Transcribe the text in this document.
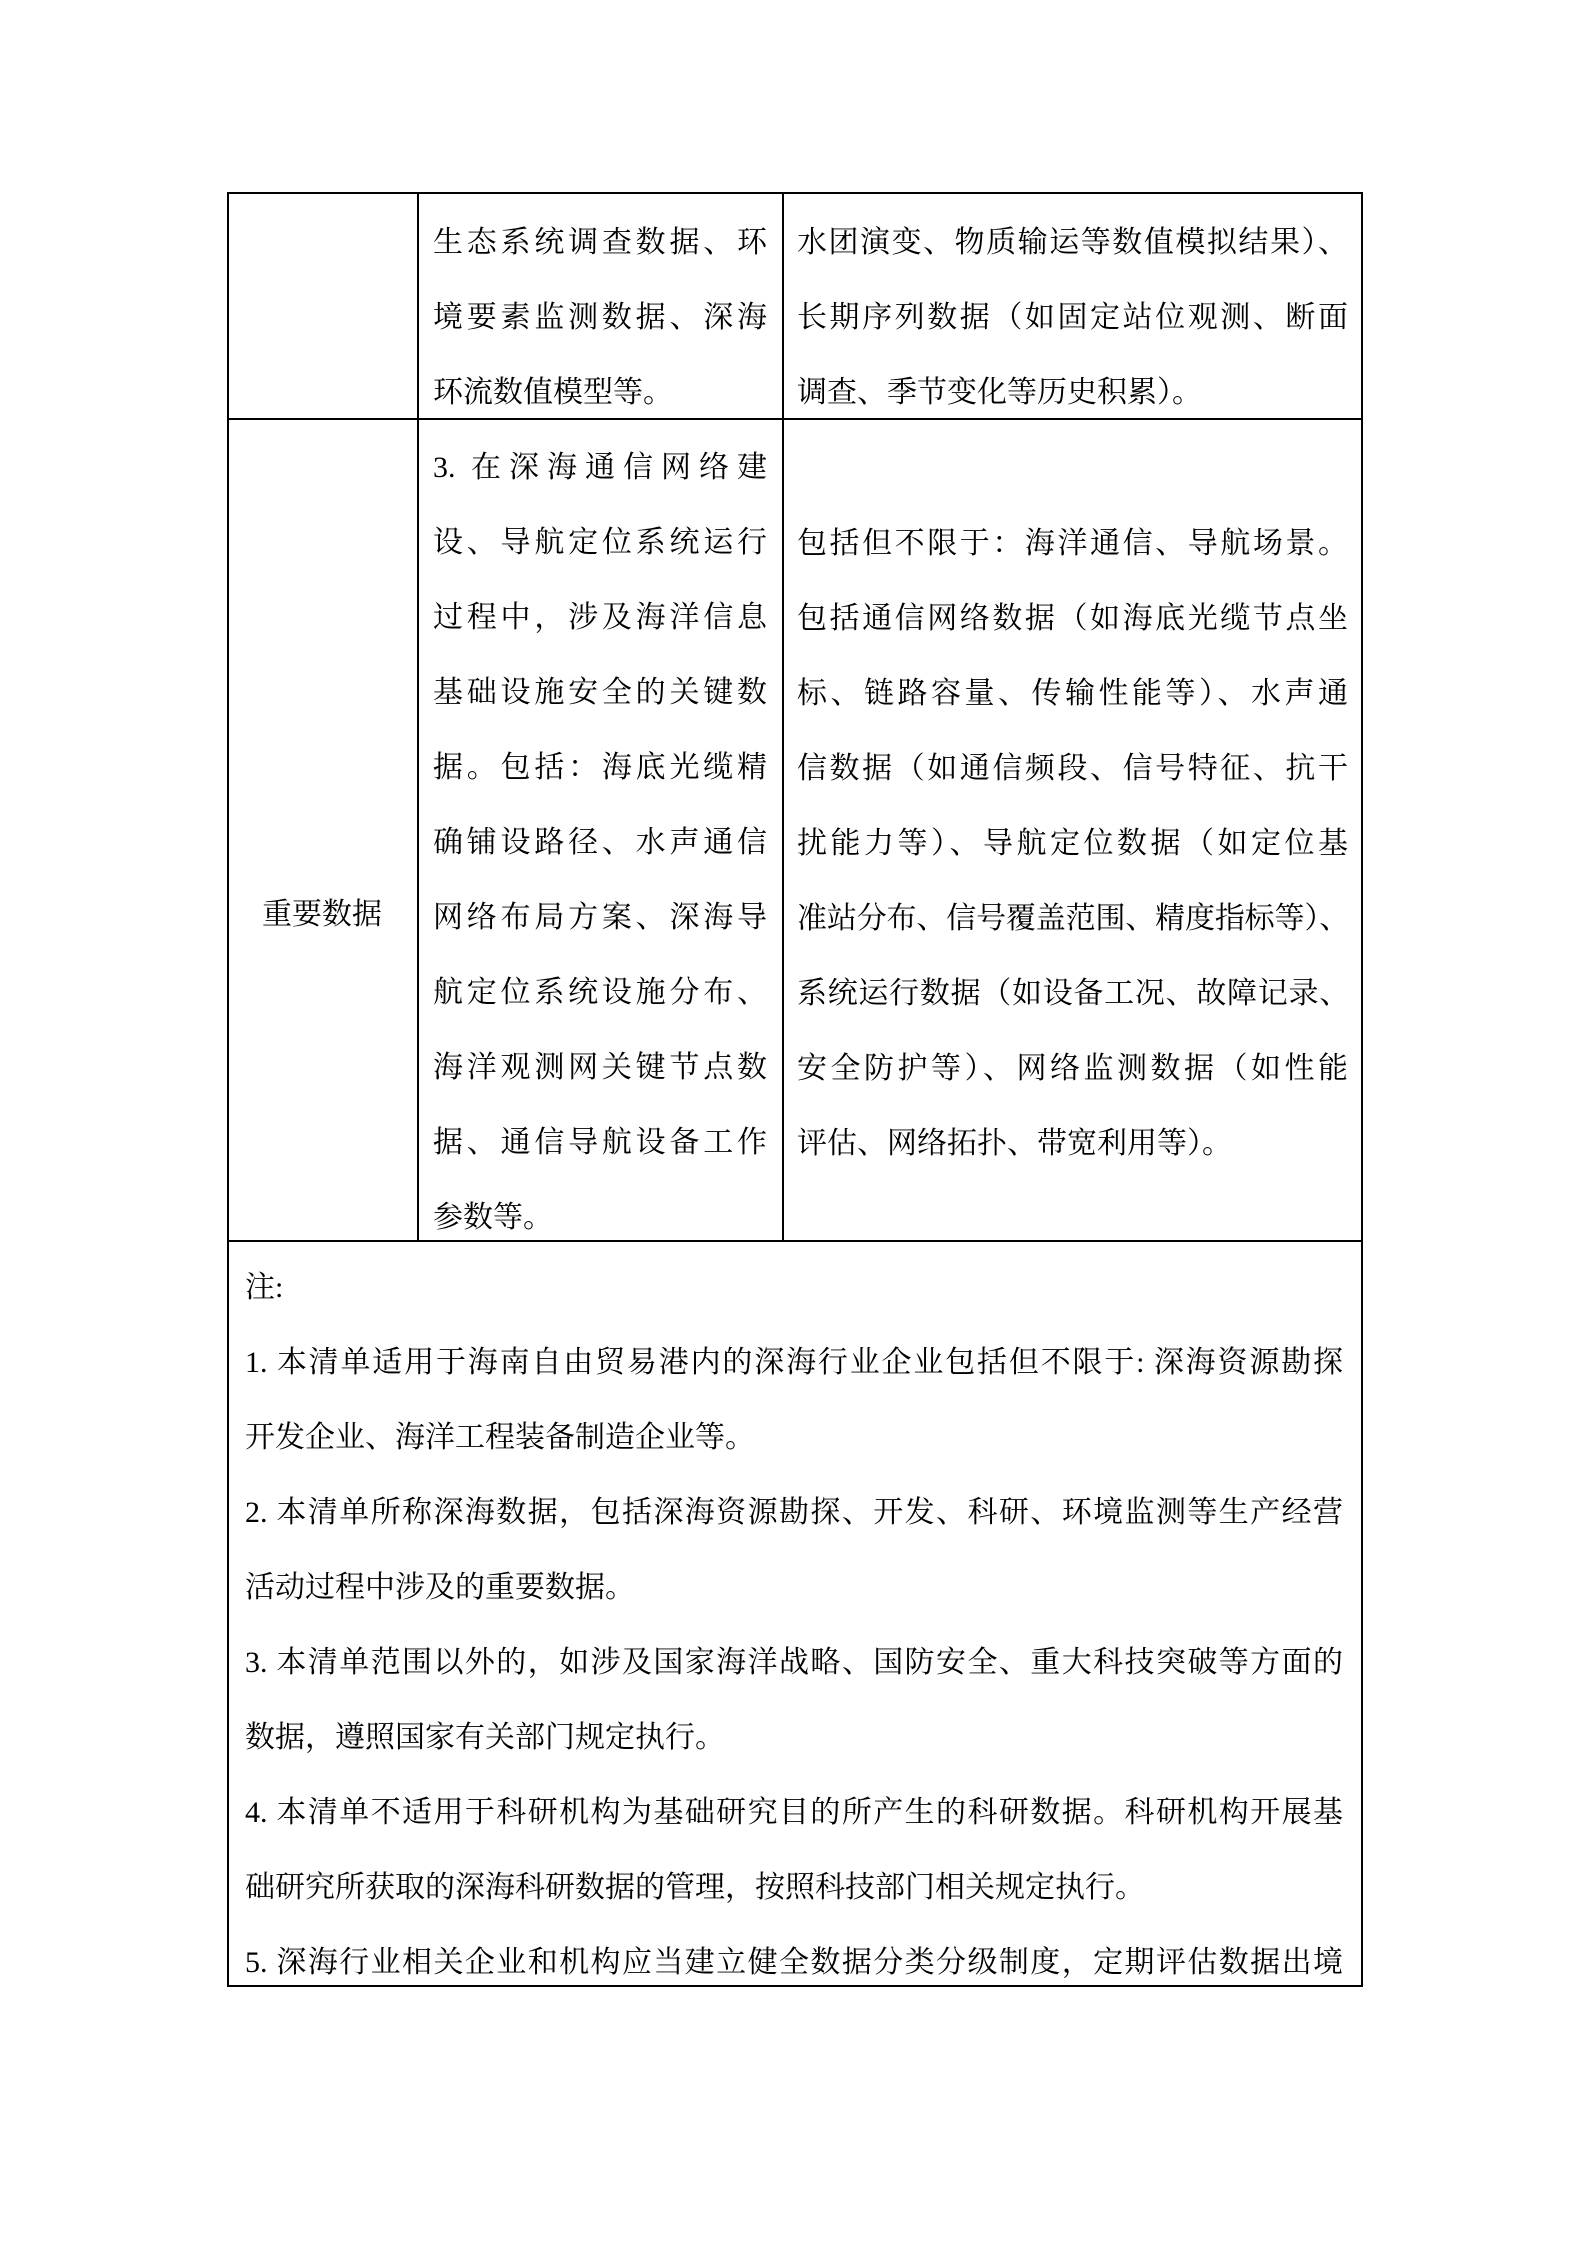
生态系统调查数据、环
境要素监测数据、深海
环流数值模型等。
水团演变、物质输运等数值模拟结果）、
长期序列数据（如固定站位观测、断面
调查、季节变化等历史积累）。
重要数据
3. 在深海通信网络建
设、导航定位系统运行
过程中，涉及海洋信息
基础设施安全的关键数
据。包括：海底光缆精
确铺设路径、水声通信
网络布局方案、深海导
航定位系统设施分布、
海洋观测网关键节点数
据、通信导航设备工作
参数等。
包括但不限于：海洋通信、导航场景。
包括通信网络数据（如海底光缆节点坐
标、链路容量、传输性能等）、水声通
信数据（如通信频段、信号特征、抗干
扰能力等）、导航定位数据（如定位基
准站分布、信号覆盖范围、精度指标等）、
系统运行数据（如设备工况、故障记录、
安全防护等）、网络监测数据（如性能
评估、网络拓扑、带宽利用等）。
注:
1. 本清单适用于海南自由贸易港内的深海行业企业包括但不限于: 深海资源勘探
开发企业、海洋工程装备制造企业等。
2. 本清单所称深海数据，包括深海资源勘探、开发、科研、环境监测等生产经营
活动过程中涉及的重要数据。
3. 本清单范围以外的，如涉及国家海洋战略、国防安全、重大科技突破等方面的
数据，遵照国家有关部门规定执行。
4. 本清单不适用于科研机构为基础研究目的所产生的科研数据。科研机构开展基
础研究所获取的深海科研数据的管理，按照科技部门相关规定执行。
5. 深海行业相关企业和机构应当建立健全数据分类分级制度，定期评估数据出境
